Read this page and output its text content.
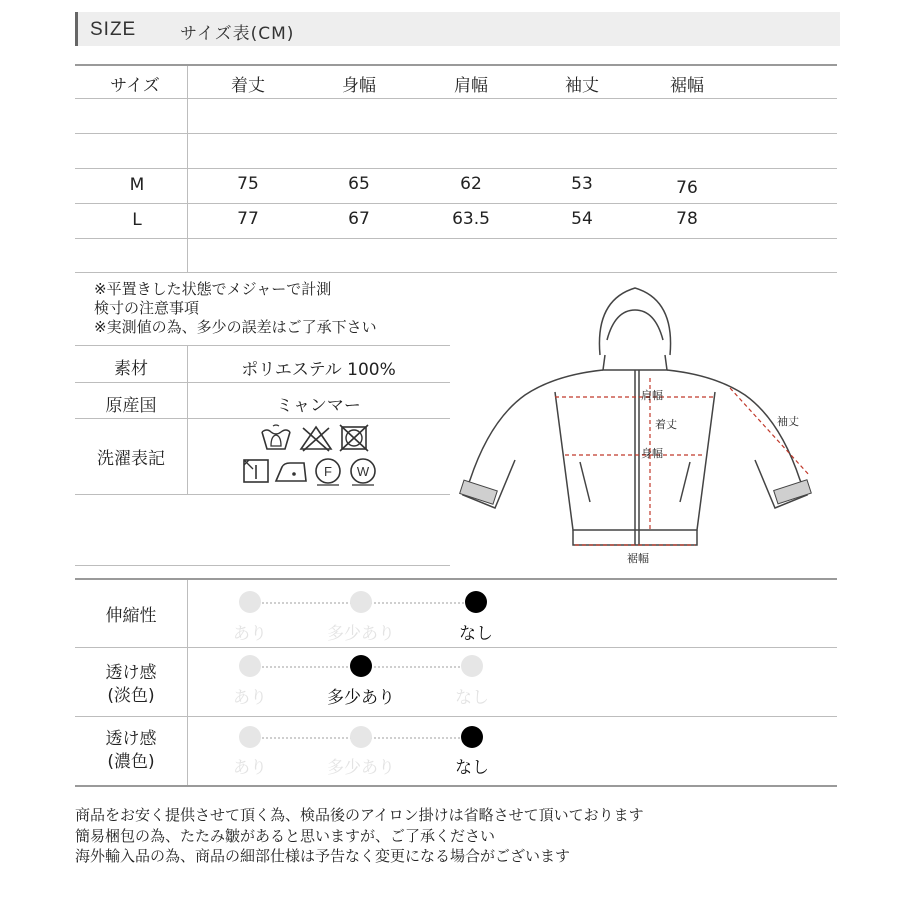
SIZE	サイズ表(CM)
サイズ	着丈	身幅	肩幅	袖丈	裾幅
M	75	65	62	53	76
L	77	67	63.5	54	78
※平置きした状態でメジャーで計測
検寸の注意事項
※実測値の為、多少の誤差はご了承下さい
素材	ポリエステル 100%
原産国	ミャンマー
洗濯表記
F W
肩幅
着丈
身幅
袖丈
裾幅
伸縮性
あり	多少あり	なし
透け感
(淡色)	あり	多少あり	なし
透け感
(濃色)	あり	多少あり	なし
商品をお安く提供させて頂く為、検品後のアイロン掛けは省略させて頂いております
簡易梱包の為、たたみ皺があると思いますが、ご了承ください
海外輸入品の為、商品の細部仕様は予告なく変更になる場合がございます
